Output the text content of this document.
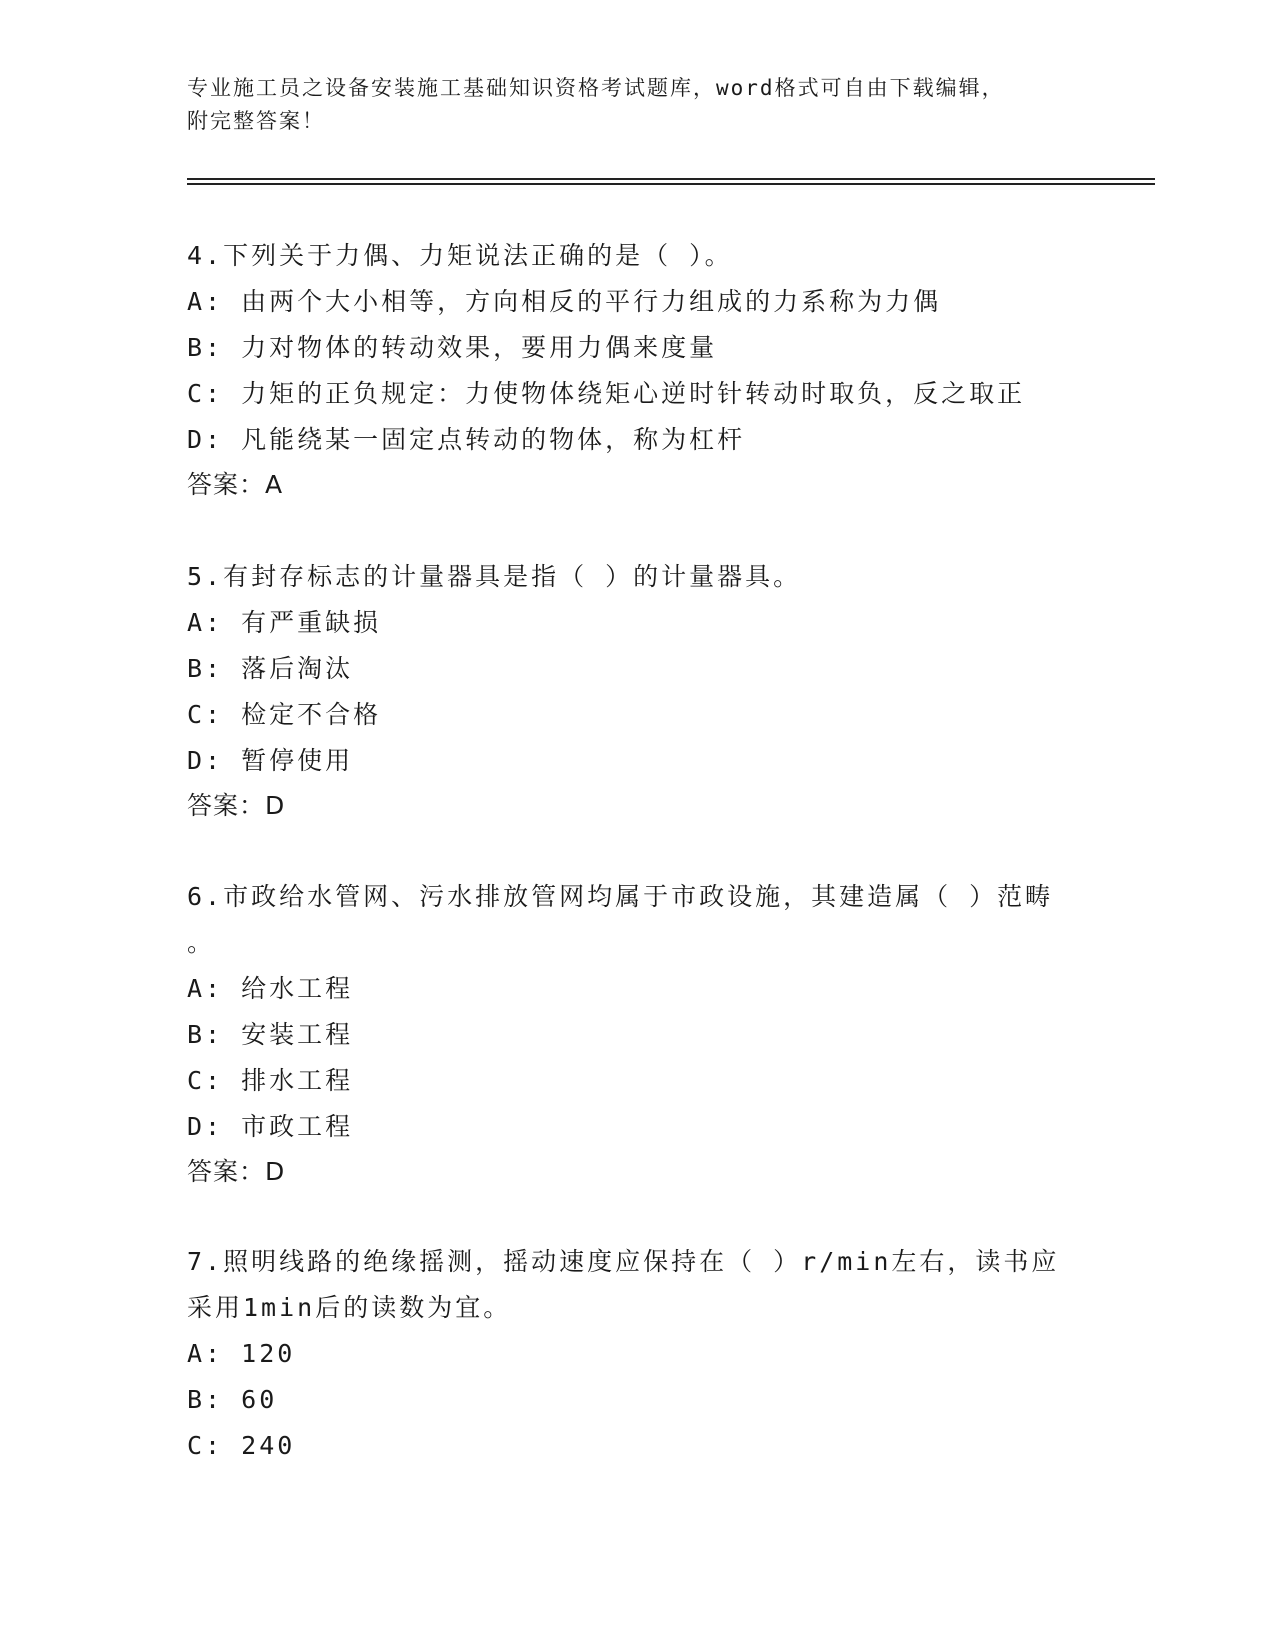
专业施工员之设备安装施工基础知识资格考试题库，word格式可自由下载编辑，
附完整答案！
4.下列关于力偶、力矩说法正确的是（ ）。
A: 由两个大小相等，方向相反的平行力组成的力系称为力偶
B: 力对物体的转动效果，要用力偶来度量
C: 力矩的正负规定：力使物体绕矩心逆时针转动时取负，反之取正
D: 凡能绕某一固定点转动的物体，称为杠杆
答案：A
5.有封存标志的计量器具是指（ ）的计量器具。
A: 有严重缺损
B: 落后淘汰
C: 检定不合格
D: 暂停使用
答案：D
6.市政给水管网、污水排放管网均属于市政设施，其建造属（ ）范畴
。
A: 给水工程
B: 安装工程
C: 排水工程
D: 市政工程
答案：D
7.照明线路的绝缘摇测，摇动速度应保持在（ ）r/min左右，读书应
采用1min后的读数为宜。
A: 120
B: 60
C: 240
